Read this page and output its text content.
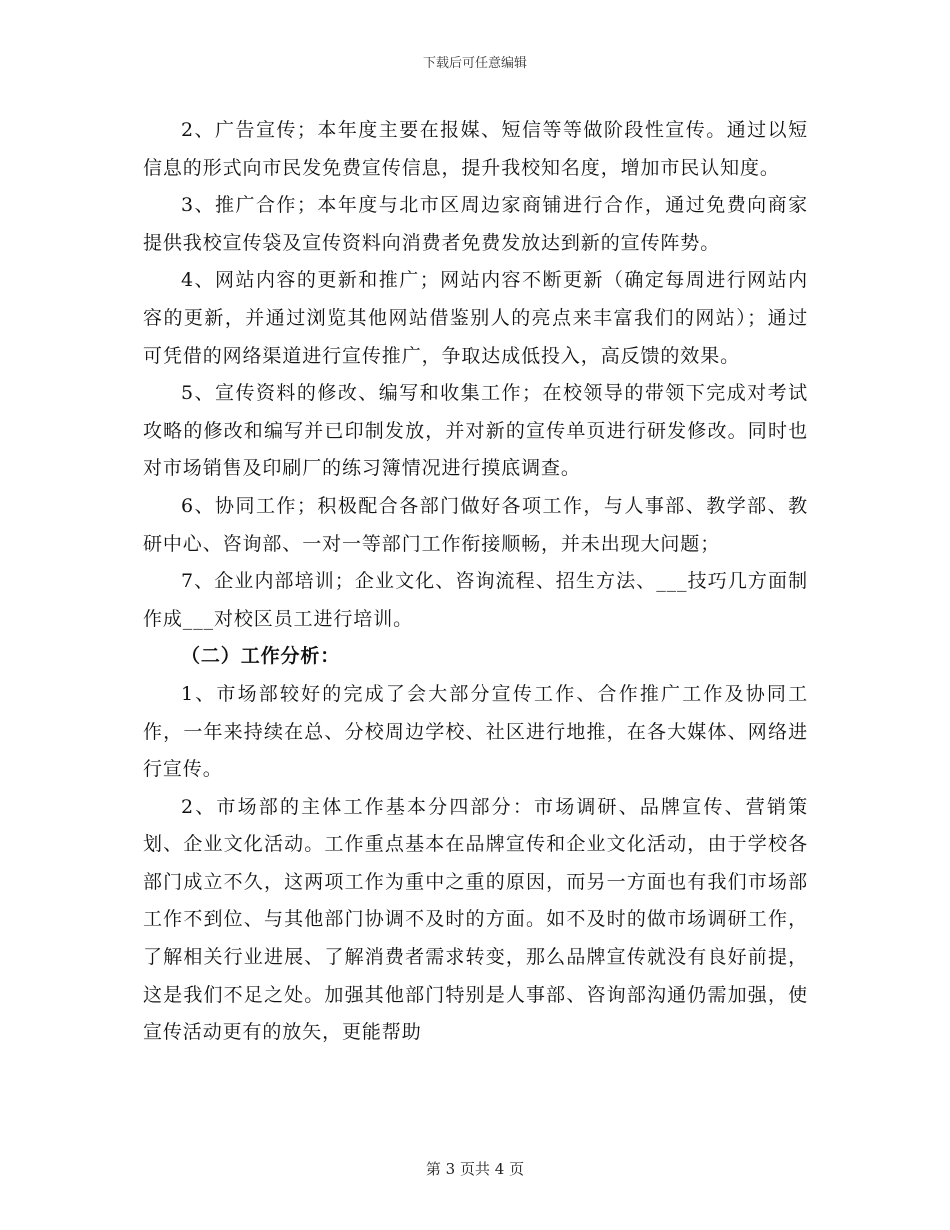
下载后可任意编辑

2、广告宣传；本年度主要在报媒、短信等等做阶段性宣传。通过以短信息的形式向市民发免费宣传信息，提升我校知名度，增加市民认知度。

3、推广合作；本年度与北市区周边家商铺进行合作，通过免费向商家提供我校宣传袋及宣传资料向消费者免费发放达到新的宣传阵势。

4、网站内容的更新和推广；网站内容不断更新（确定每周进行网站内容的更新，并通过浏览其他网站借鉴别人的亮点来丰富我们的网站）；通过可凭借的网络渠道进行宣传推广，争取达成低投入，高反馈的效果。

5、宣传资料的修改、编写和收集工作；在校领导的带领下完成对考试攻略的修改和编写并已印制发放，并对新的宣传单页进行研发修改。同时也对市场销售及印刷厂的练习簿情况进行摸底调查。

6、协同工作；积极配合各部门做好各项工作，与人事部、教学部、教研中心、咨询部、一对一等部门工作衔接顺畅，并未出现大问题；

7、企业内部培训；企业文化、咨询流程、招生方法、___技巧几方面制作成___对校区员工进行培训。

（二）工作分析：

1、市场部较好的完成了会大部分宣传工作、合作推广工作及协同工作，一年来持续在总、分校周边学校、社区进行地推，在各大媒体、网络进行宣传。

2、市场部的主体工作基本分四部分：市场调研、品牌宣传、营销策划、企业文化活动。工作重点基本在品牌宣传和企业文化活动，由于学校各部门成立不久，这两项工作为重中之重的原因，而另一方面也有我们市场部工作不到位、与其他部门协调不及时的方面。如不及时的做市场调研工作，了解相关行业进展、了解消费者需求转变，那么品牌宣传就没有良好前提，这是我们不足之处。加强其他部门特别是人事部、咨询部沟通仍需加强，使宣传活动更有的放矢，更能帮助

第 3 页共 4 页
